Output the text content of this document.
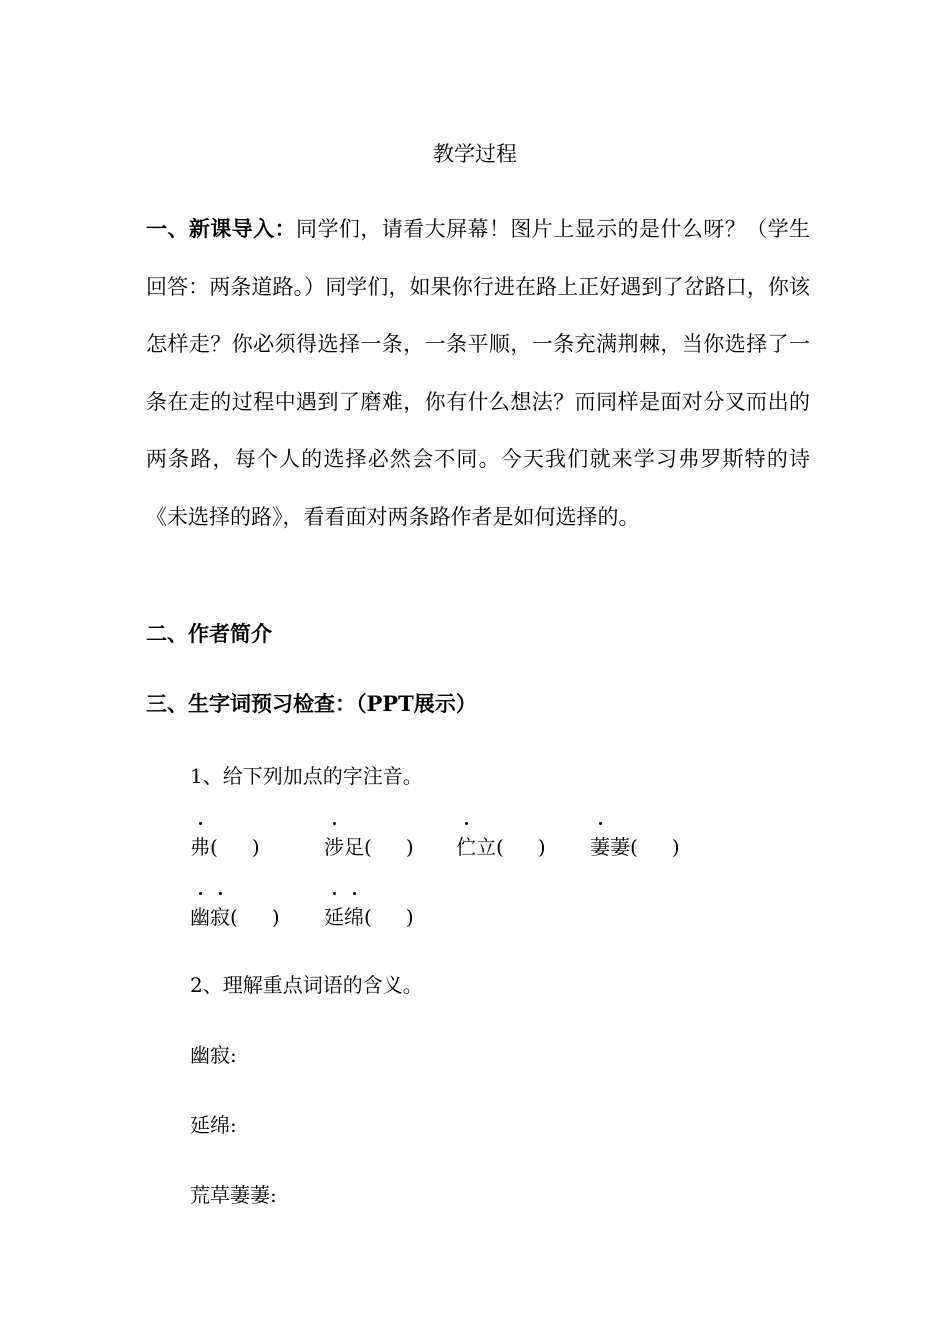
教学过程
一、新课导入：同学们，请看大屏幕！图片上显示的是什么呀？（学生回答：两条道路。）同学们，如果你行进在路上正好遇到了岔路口，你该怎样走？你必须得选择一条，一条平顺，一条充满荆棘，当你选择了一条在走的过程中遇到了磨难，你有什么想法？而同样是面对分叉而出的两条路，每个人的选择必然会不同。今天我们就来学习弗罗斯特的诗《未选择的路》，看看面对两条路作者是如何选择的。
二、作者简介
三、生字词预习检查：（PPT展示）
1、给下列加点的字注音。
弗( )	涉足( ) 伫立( ) 萋萋( )
幽寂( ) 延绵( )
2、理解重点词语的含义。
幽寂:
延绵:
荒草萋萋:
